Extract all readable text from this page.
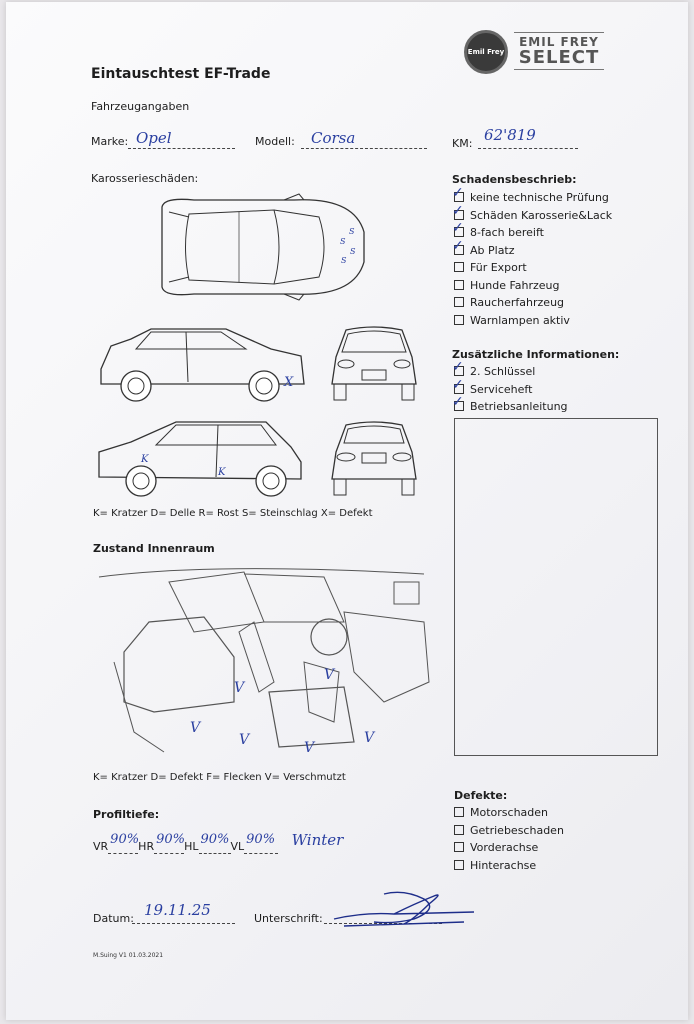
Eintauschtest EF-Trade
Emil Frey
EMIL FREY
SELECT
Fahrzeugangaben
Marke: Opel	Modell: Corsa	KM: 62'819
Karosserieschäden:
S
S
S
S
X
K
K
K= Kratzer D= Delle R= Rost S= Steinschlag X= Defekt
Schadensbeschrieb:
✓keine technische Prüfung
✓Schäden Karosserie&Lack
✓8-fach bereift
✓Ab Platz
Für Export
Hunde Fahrzeug
Raucherfahrzeug
Warnlampen aktiv
Zusätzliche Informationen:
✓2. Schlüssel
✓Serviceheft
✓Betriebsanleitung
Zustand Innenraum
V
V
V
V	V
V
K= Kratzer D= Defekt F= Flecken V= Verschmutzt
Defekte:
Motorschaden
Getriebeschaden
Vorderachse
Hinterachse
Profiltiefe:
VR 90% HR 90% HL 90% VL 90% Winter
Datum: 19.11.25	Unterschrift:
M.Suing V1 01.03.2021
